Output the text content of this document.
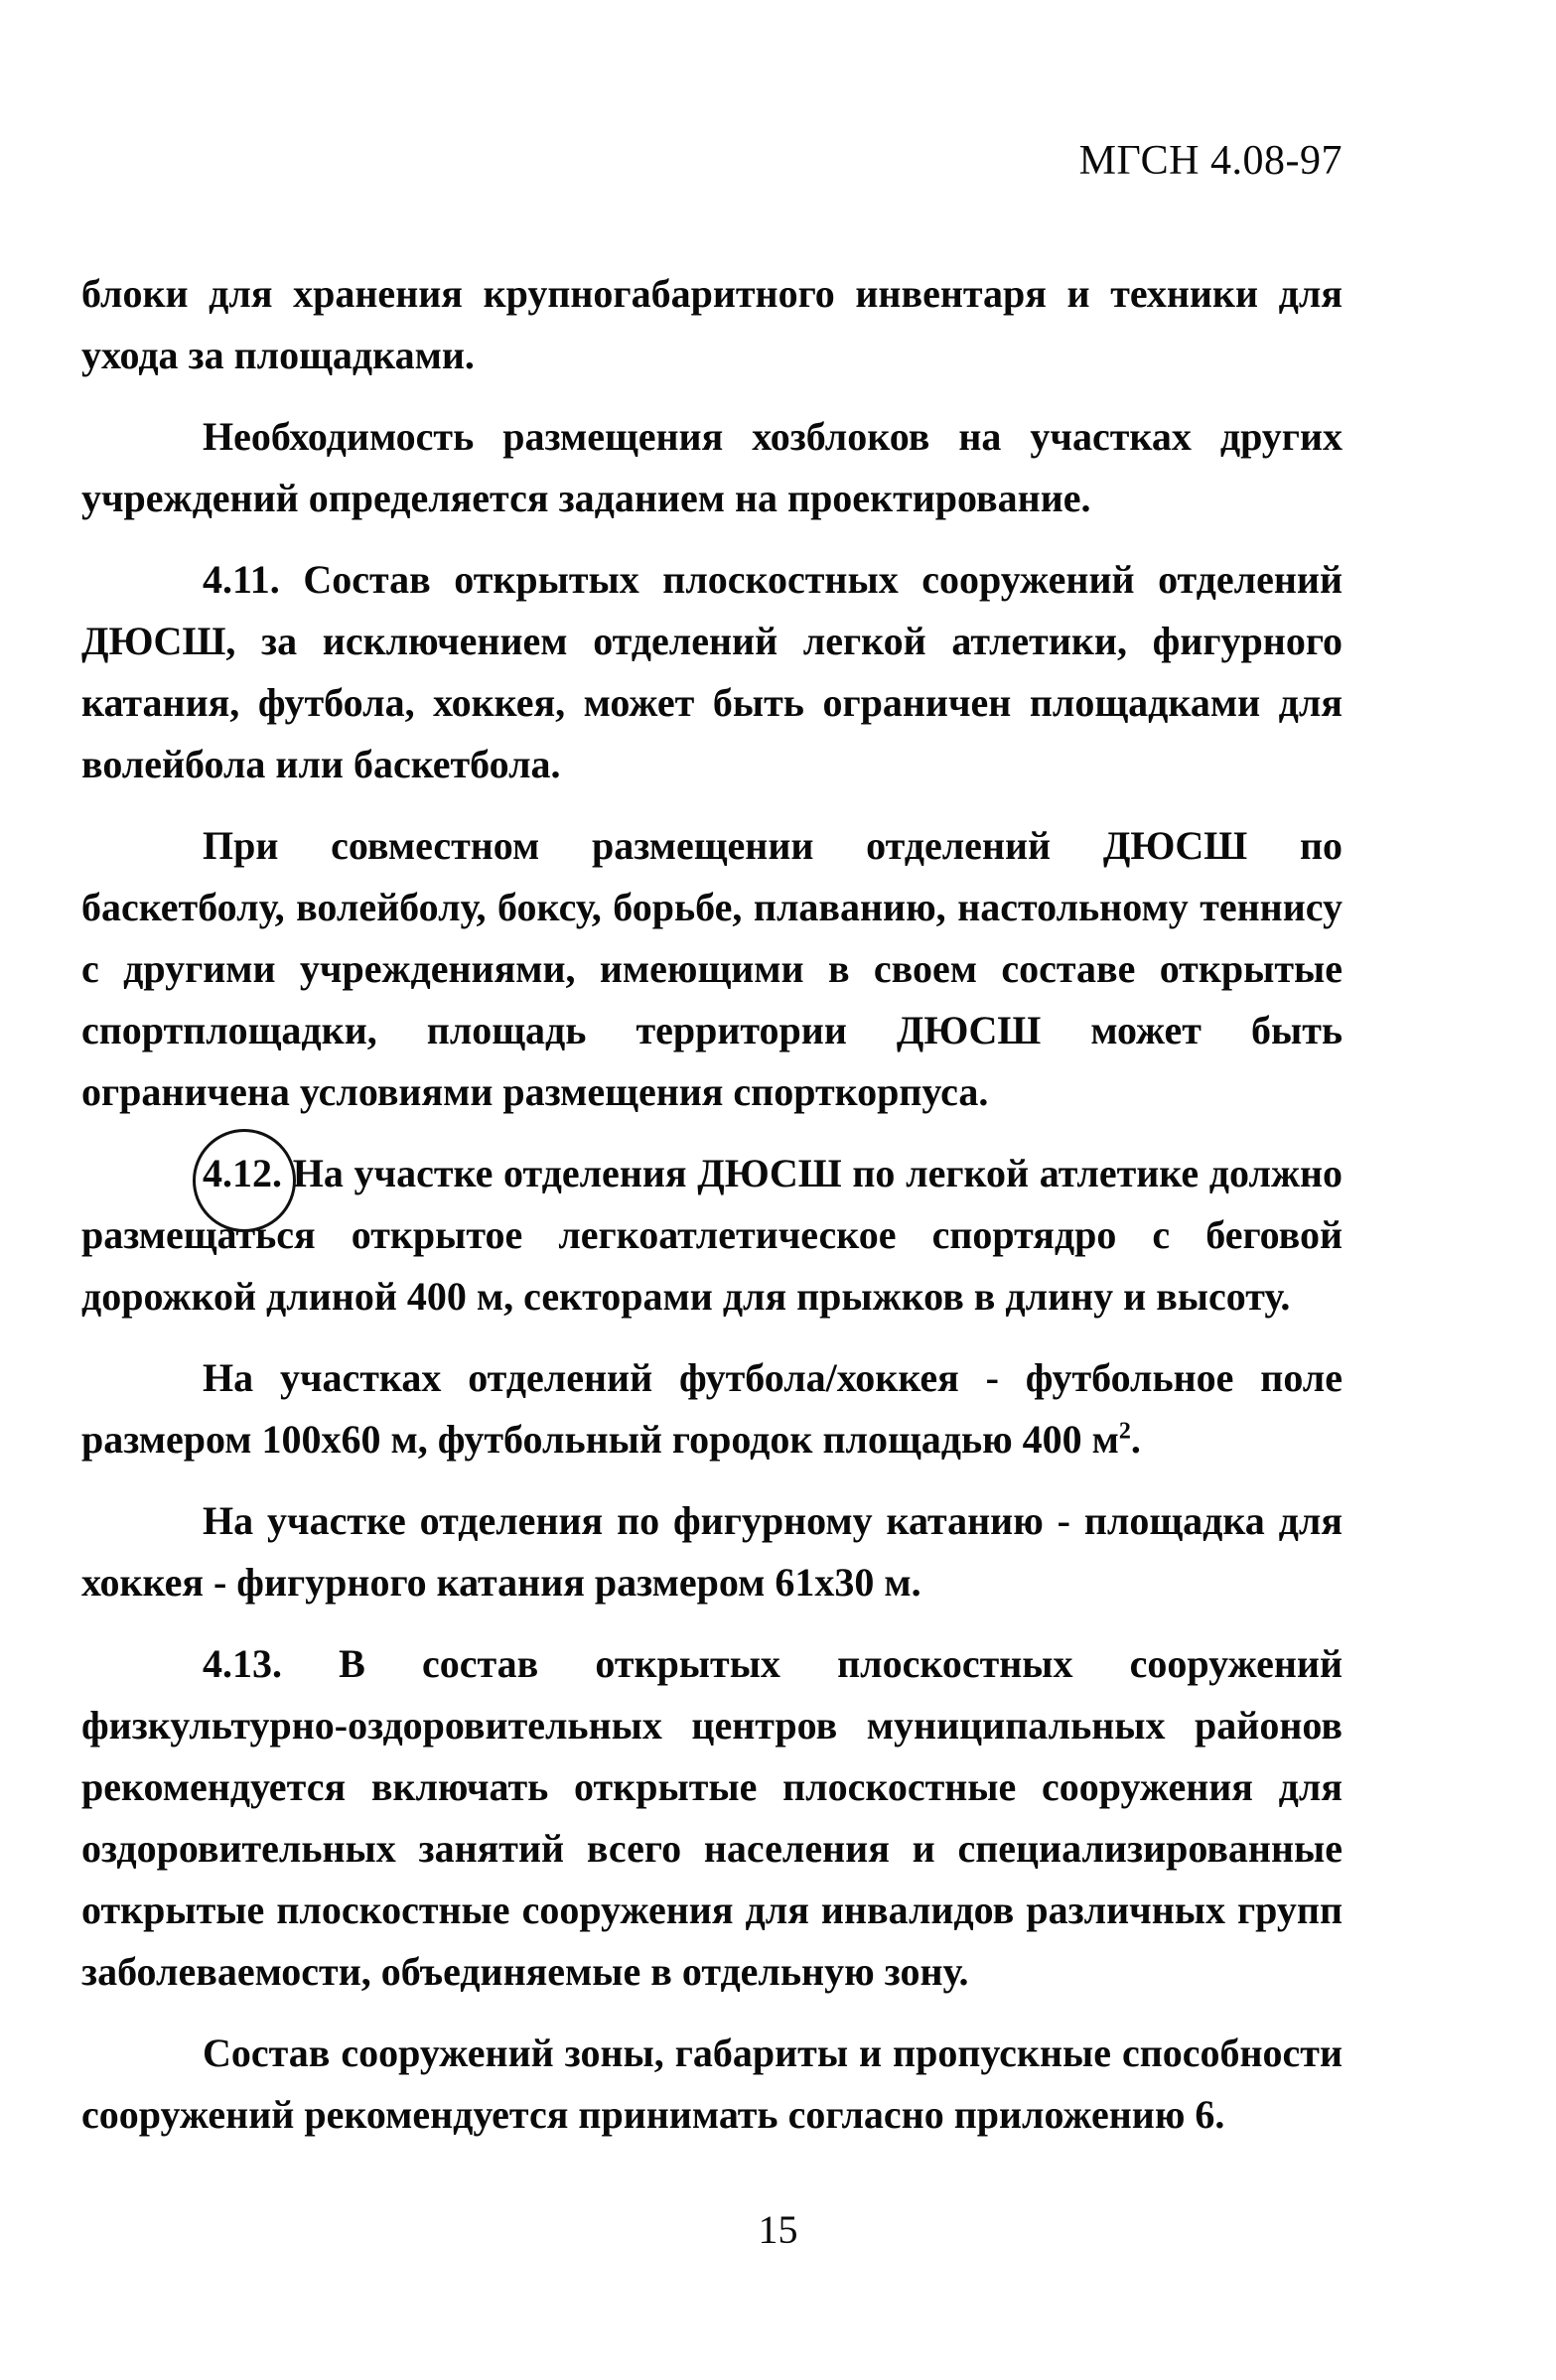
МГСН 4.08-97

блоки для хранения крупногабаритного инвентаря и техники для ухода за площадками.

Необходимость размещения хозблоков на участках других учреждений определяется заданием на проектирование.

4.11. Состав открытых плоскостных сооружений отделений ДЮСШ, за исключением отделений легкой атлетики, фигурного катания, футбола, хоккея, может быть ограничен площадками для волейбола или баскетбола.

При совместном размещении отделений ДЮСШ по баскетболу, волейболу, боксу, борьбе, плаванию, настольному теннису с другими учреждениями, имеющими в своем составе открытые спортплощадки, площадь территории ДЮСШ может быть ограничена условиями размещения спорткорпуса.

4.12. На участке отделения ДЮСШ по легкой атлетике должно размещаться открытое легкоатлетическое спортядро с беговой дорожкой длиной 400 м, секторами для прыжков в длину и высоту.

На участках отделений футбола/хоккея - футбольное поле размером 100х60 м, футбольный городок площадью 400 $м^2$.

На участке отделения по фигурному катанию - площадка для хоккея - фигурного катания размером 61х30 м.

4.13. В состав открытых плоскостных сооружений физкультурно-оздоровительных центров муниципальных районов рекомендуется включать открытые плоскостные сооружения для оздоровительных занятий всего населения и специализированные открытые плоскостные сооружения для инвалидов различных групп заболеваемости, объединяемые в отдельную зону.

Состав сооружений зоны, габариты и пропускные способности сооружений рекомендуется принимать согласно приложению 6.

15
